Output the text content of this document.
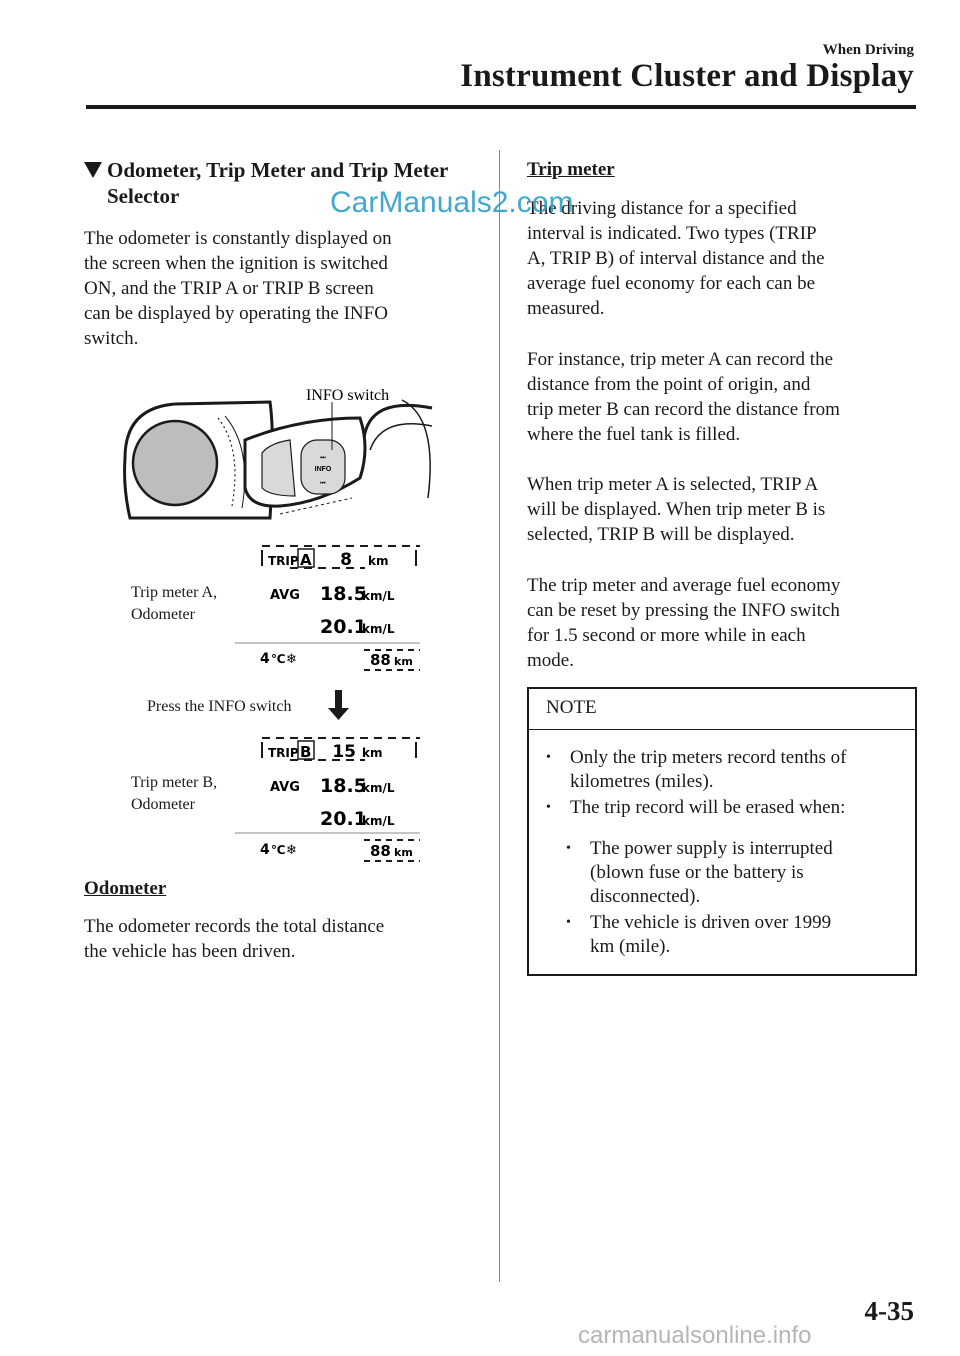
When Driving
Instrument Cluster and Display
Odometer, Trip Meter and Trip Meter Selector
The odometer is constantly displayed on
the screen when the ignition is switched
ON, and the TRIP A or TRIP B screen
can be displayed by operating the INFO
switch.
⏭
INFO
⏮
INFO switch
TRIP A 8 km
AVG 18.5
km/L
20.1
km/L
4 ℃ ❄	88 km
TRIP B 15 km
AVG 18.5
km/L
20.1
km/L
4 ℃ ❄	88 km
Trip meter A,
Odometer
Press the INFO switch
Trip meter B,
Odometer
Odometer
The odometer records the total distance
the vehicle has been driven.
Trip meter
The driving distance for a specified
interval is indicated. Two types (TRIP
A, TRIP B) of interval distance and the
average fuel economy for each can be
measured.
For instance, trip meter A can record the
distance from the point of origin, and
trip meter B can record the distance from
where the fuel tank is filled.
When trip meter A is selected, TRIP A
will be displayed. When trip meter B is
selected, TRIP B will be displayed.
The trip meter and average fuel economy
can be reset by pressing the INFO switch
for 1.5 second or more while in each
mode.
NOTE
• Only the trip meters record tenths of
kilometres (miles).
• The trip record will be erased when:
• The power supply is interrupted
(blown fuse or the battery is
disconnected).
• The vehicle is driven over 1999
km (mile).
4-35
CarManuals2.com
carmanualsonline.info
